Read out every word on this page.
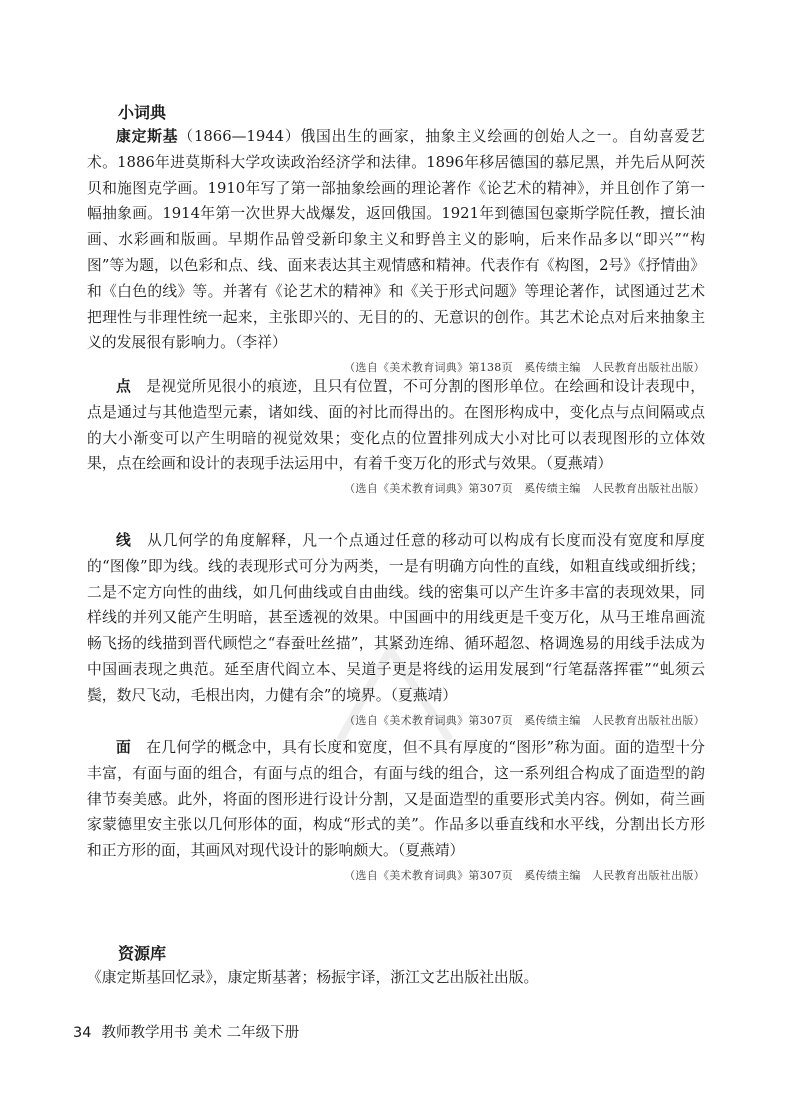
小词典

康定斯基（1866—1944）俄国出生的画家，抽象主义绘画的创始人之一。自幼喜爱艺术。1886年进莫斯科大学攻读政治经济学和法律。1896年移居德国的慕尼黑，并先后从阿茨贝和施图克学画。1910年写了第一部抽象绘画的理论著作《论艺术的精神》，并且创作了第一幅抽象画。1914年第一次世界大战爆发，返回俄国。1921年到德国包豪斯学院任教，擅长油画、水彩画和版画。早期作品曾受新印象主义和野兽主义的影响，后来作品多以“即兴”“构图”等为题，以色彩和点、线、面来表达其主观情感和精神。代表作有《构图，2号》《抒情曲》和《白色的线》等。并著有《论艺术的精神》和《关于形式问题》等理论著作，试图通过艺术把理性与非理性统一起来，主张即兴的、无目的的、无意识的创作。其艺术论点对后来抽象主义的发展很有影响力。（李祥）

（选自《美术教育词典》第138页　奚传绩主编　人民教育出版社出版）

点　 是视觉所见很小的痕迹，且只有位置，不可分割的图形单位。在绘画和设计表现中，点是通过与其他造型元素，诸如线、面的衬比而得出的。在图形构成中，变化点与点间隔或点的大小渐变可以产生明暗的视觉效果；变化点的位置排列成大小对比可以表现图形的立体效果，点在绘画和设计的表现手法运用中，有着千变万化的形式与效果。（夏燕靖）

（选自《美术教育词典》第307页　奚传绩主编　人民教育出版社出版）

线　 从几何学的角度解释，凡一个点通过任意的移动可以构成有长度而没有宽度和厚度的“图像”即为线。线的表现形式可分为两类，一是有明确方向性的直线，如粗直线或细折线；二是不定方向性的曲线，如几何曲线或自由曲线。线的密集可以产生许多丰富的表现效果，同样线的并列又能产生明暗，甚至透视的效果。中国画中的用线更是千变万化，从马王堆帛画流畅飞扬的线描到晋代顾恺之“春蚕吐丝描”，其紧劲连绵、循环超忽、格调逸易的用线手法成为中国画表现之典范。延至唐代阎立本、吴道子更是将线的运用发展到“行笔磊落挥霍”“虬须云鬓，数尺飞动，毛根出肉，力健有余”的境界。（夏燕靖）

（选自《美术教育词典》第307页　奚传绩主编　人民教育出版社出版）

面　 在几何学的概念中，具有长度和宽度，但不具有厚度的“图形”称为面。面的造型十分丰富，有面与面的组合，有面与点的组合，有面与线的组合，这一系列组合构成了面造型的韵律节奏美感。此外，将面的图形进行设计分割，又是面造型的重要形式美内容。例如，荷兰画家蒙德里安主张以几何形体的面，构成“形式的美”。作品多以垂直线和水平线，分割出长方形和正方形的面，其画风对现代设计的影响颇大。（夏燕靖）

（选自《美术教育词典》第307页　奚传绩主编　人民教育出版社出版）
资源库
《康定斯基回忆录》，康定斯基著；杨振宇译，浙江文艺出版社出版。
34 教师教学用书 美术 二年级下册
